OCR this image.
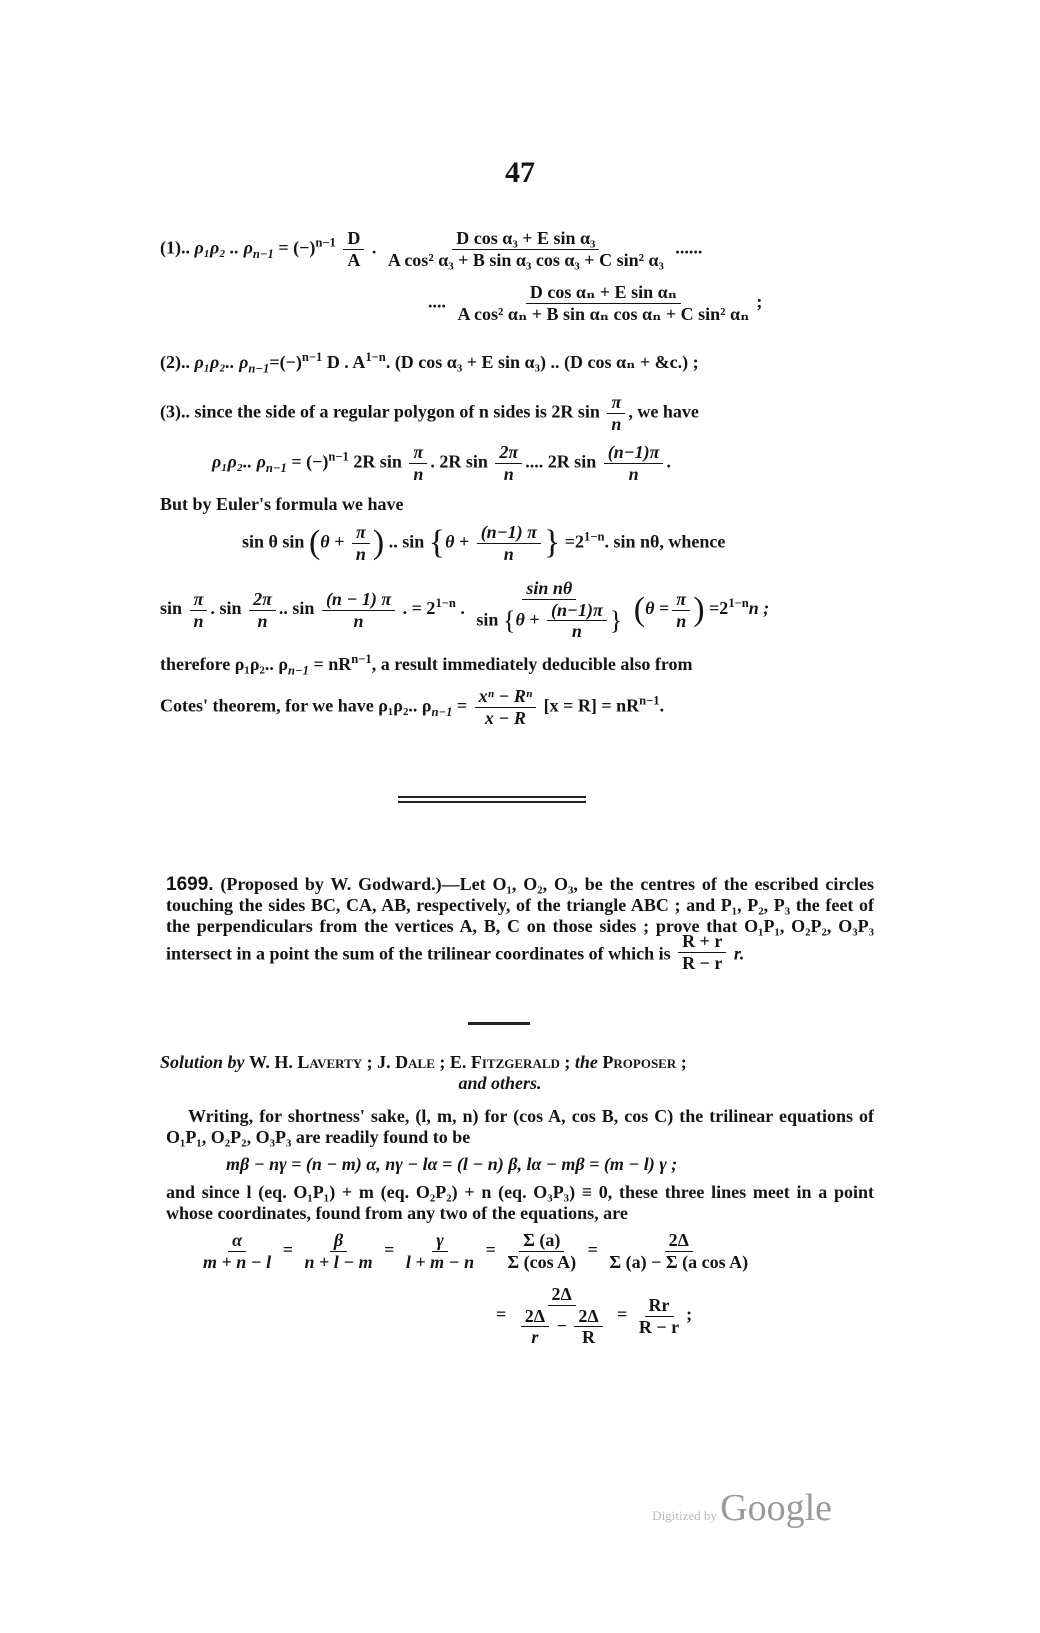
47
(1).. ρ₁ρ₂ .. $\rho_{n-1} = (-)^{n-1} \frac{D}{A}$ . $\frac{\text{D cos α₃ + E sin α₃}}{\text{A cos² α₃ + B sin α₃ cos α₃ + C sin² α₃}}$ ......
.... $\frac{\text{D cos αₙ + E sin αₙ}}{\text{A cos² αₙ + B sin αₙ cos αₙ + C sin² αₙ}}$ ;
(2).. ρ₁ρ₂.. $\rho_{n-1}=(-)^{n-1}$ D . $A^{1-n}$. (D cos α₃ + E sin α₃) .. (D cos αₙ + &c.) ;
(3).. since the side of a regular polygon of n sides is 2R $\sin \frac{\pi}{n}$ , we have
ρ₁ρ₂.. $\rho_{n-1} = (-)^{n-1}$ 2R $\sin \frac{\pi}{n}$ . 2R $\sin \frac{2\pi}{n}$ .... 2R $\sin \frac{(n-1)\pi}{n}$ .
But by Euler's formula we have
sin θ $\sin (\theta + \frac{\pi}{n}$ ) .. $\sin \{\theta + \frac{(n-1) \pi}{n}$ } $=2^{1-n}$. sin nθ, whence
$\sin \frac{\pi}{n}$ . $\sin \frac{2\pi}{n}$ .. $\sin \frac{(n - 1) \pi}{n}$ . = $2^{1-n}$ . $\frac{\text{sin nθ}}{\sin \{\theta + \frac{(n-1)\pi}{n} \}} (\theta = \frac{\pi}{n}$ ) $=2^{1-n}n$ ;
therefore ρ₁ρ₂.. $\rho_{n-1} = nR^{n-1}$, a result immediately deducible also from
Cotes' theorem, for we have ρ₁ρ₂.. $\rho_{n-1} = \frac{\text{xⁿ − Rⁿ}}{x - R} [x = R] = nR^{n-1}$.
1699. (Proposed by W. Godward.)—Let O₁, O₂, O₃, be the centres of the escribed circles touching the sides BC, CA, AB, respectively, of the triangle ABC ; and P₁, P₂, P₃ the feet of the perpendiculars from the vertices A, B, C on those sides ; prove that O₁P₁, O₂P₂, O₃P₃ intersect in a point the sum of the trilinear coordinates of which is $\frac{R + r}{R - r} r$.
Solution by W. H. Laverty ; J. Dale ; E. Fitzgerald ; the Proposer ;
and others.
Writing, for shortness' sake, (l, m, n) for (cos A, cos B, cos C) the trilinear equations of O₁P₁, O₂P₂, O₃P₃ are readily found to be
mβ − nγ = (n − m) α, nγ − lα = (l − n) β, lα − mβ = (m − l) γ ;
and since l (eq. O₁P₁) + m (eq. O₂P₂) + n (eq. O₃P₃) ≡ 0, these three lines meet in a point whose coordinates, found from any two of the equations, are
$\frac{\alpha}{m + n - l} = \frac{\beta}{n + l - m} = \frac{\gamma}{l + m - n} = \frac{\Sigma (a)}{\text{Σ (cos A)}} = \frac{2\Delta}{\text{Σ (a) − Σ (a cos A)}}$
= $\frac{2\Delta}{\frac{2\Delta}{r} - \frac{2\Delta}{R}} = \frac{Rr}{R - r}$ ;
Digitized by Google
